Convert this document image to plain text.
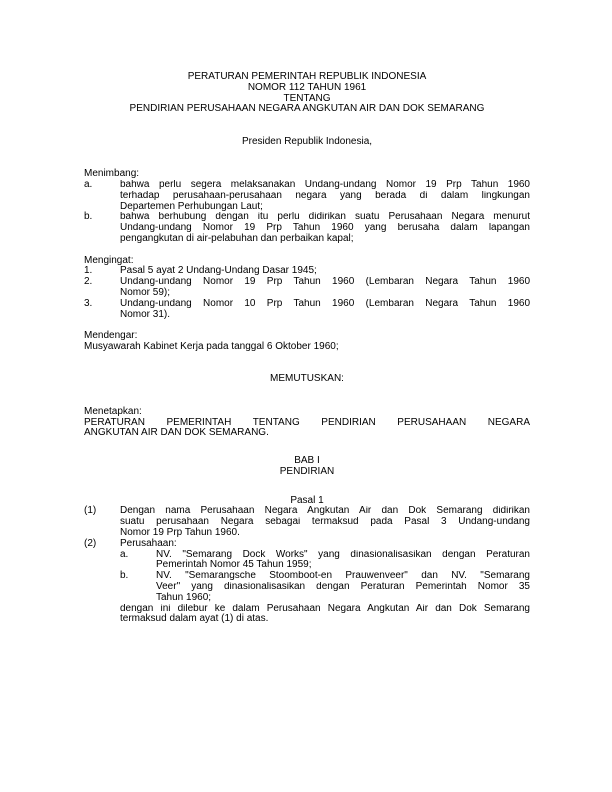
PERATURAN PEMERINTAH REPUBLIK INDONESIA
NOMOR 112 TAHUN 1961
TENTANG
PENDIRIAN PERUSAHAAN NEGARA ANGKUTAN AIR DAN DOK SEMARANG
Presiden Republik Indonesia,
Menimbang:
a.	bahwa perlu segera melaksanakan Undang-undang Nomor 19 Prp Tahun 1960
terhadap perusahaan-perusahaan negara yang berada di dalam lingkungan
Departemen Perhubungan Laut;
b.	bahwa berhubung dengan itu perlu didirikan suatu Perusahaan Negara menurut
Undang-undang Nomor 19 Prp Tahun 1960 yang berusaha dalam lapangan
pengangkutan di air-pelabuhan dan perbaikan kapal;
Mengingat:
1.	Pasal 5 ayat 2 Undang-Undang Dasar 1945;
2.	Undang-undang Nomor 19 Prp Tahun 1960 (Lembaran Negara Tahun 1960
Nomor 59);
3.	Undang-undang Nomor 10 Prp Tahun 1960 (Lembaran Negara Tahun 1960
Nomor 31).
Mendengar:
Musyawarah Kabinet Kerja pada tanggal 6 Oktober 1960;
MEMUTUSKAN:
Menetapkan:
PERATURAN PEMERINTAH TENTANG PENDIRIAN PERUSAHAAN NEGARA
ANGKUTAN AIR DAN DOK SEMARANG.
BAB I
PENDIRIAN
Pasal 1
(1) Dengan nama Perusahaan Negara Angkutan Air dan Dok Semarang didirikan
suatu perusahaan Negara sebagai termaksud pada Pasal 3 Undang-undang
Nomor 19 Prp Tahun 1960.
(2) Perusahaan:
a.	NV. "Semarang Dock Works" yang dinasionalisasikan dengan Peraturan
Pemerintah Nomor 45 Tahun 1959;
b.	NV. "Semarangsche Stoomboot-en Prauwenveer" dan NV. "Semarang
Veer" yang dinasionalisasikan dengan Peraturan Pemerintah Nomor 35
Tahun 1960;
dengan ini dilebur ke dalam Perusahaan Negara Angkutan Air dan Dok Semarang
termaksud dalam ayat (1) di atas.
